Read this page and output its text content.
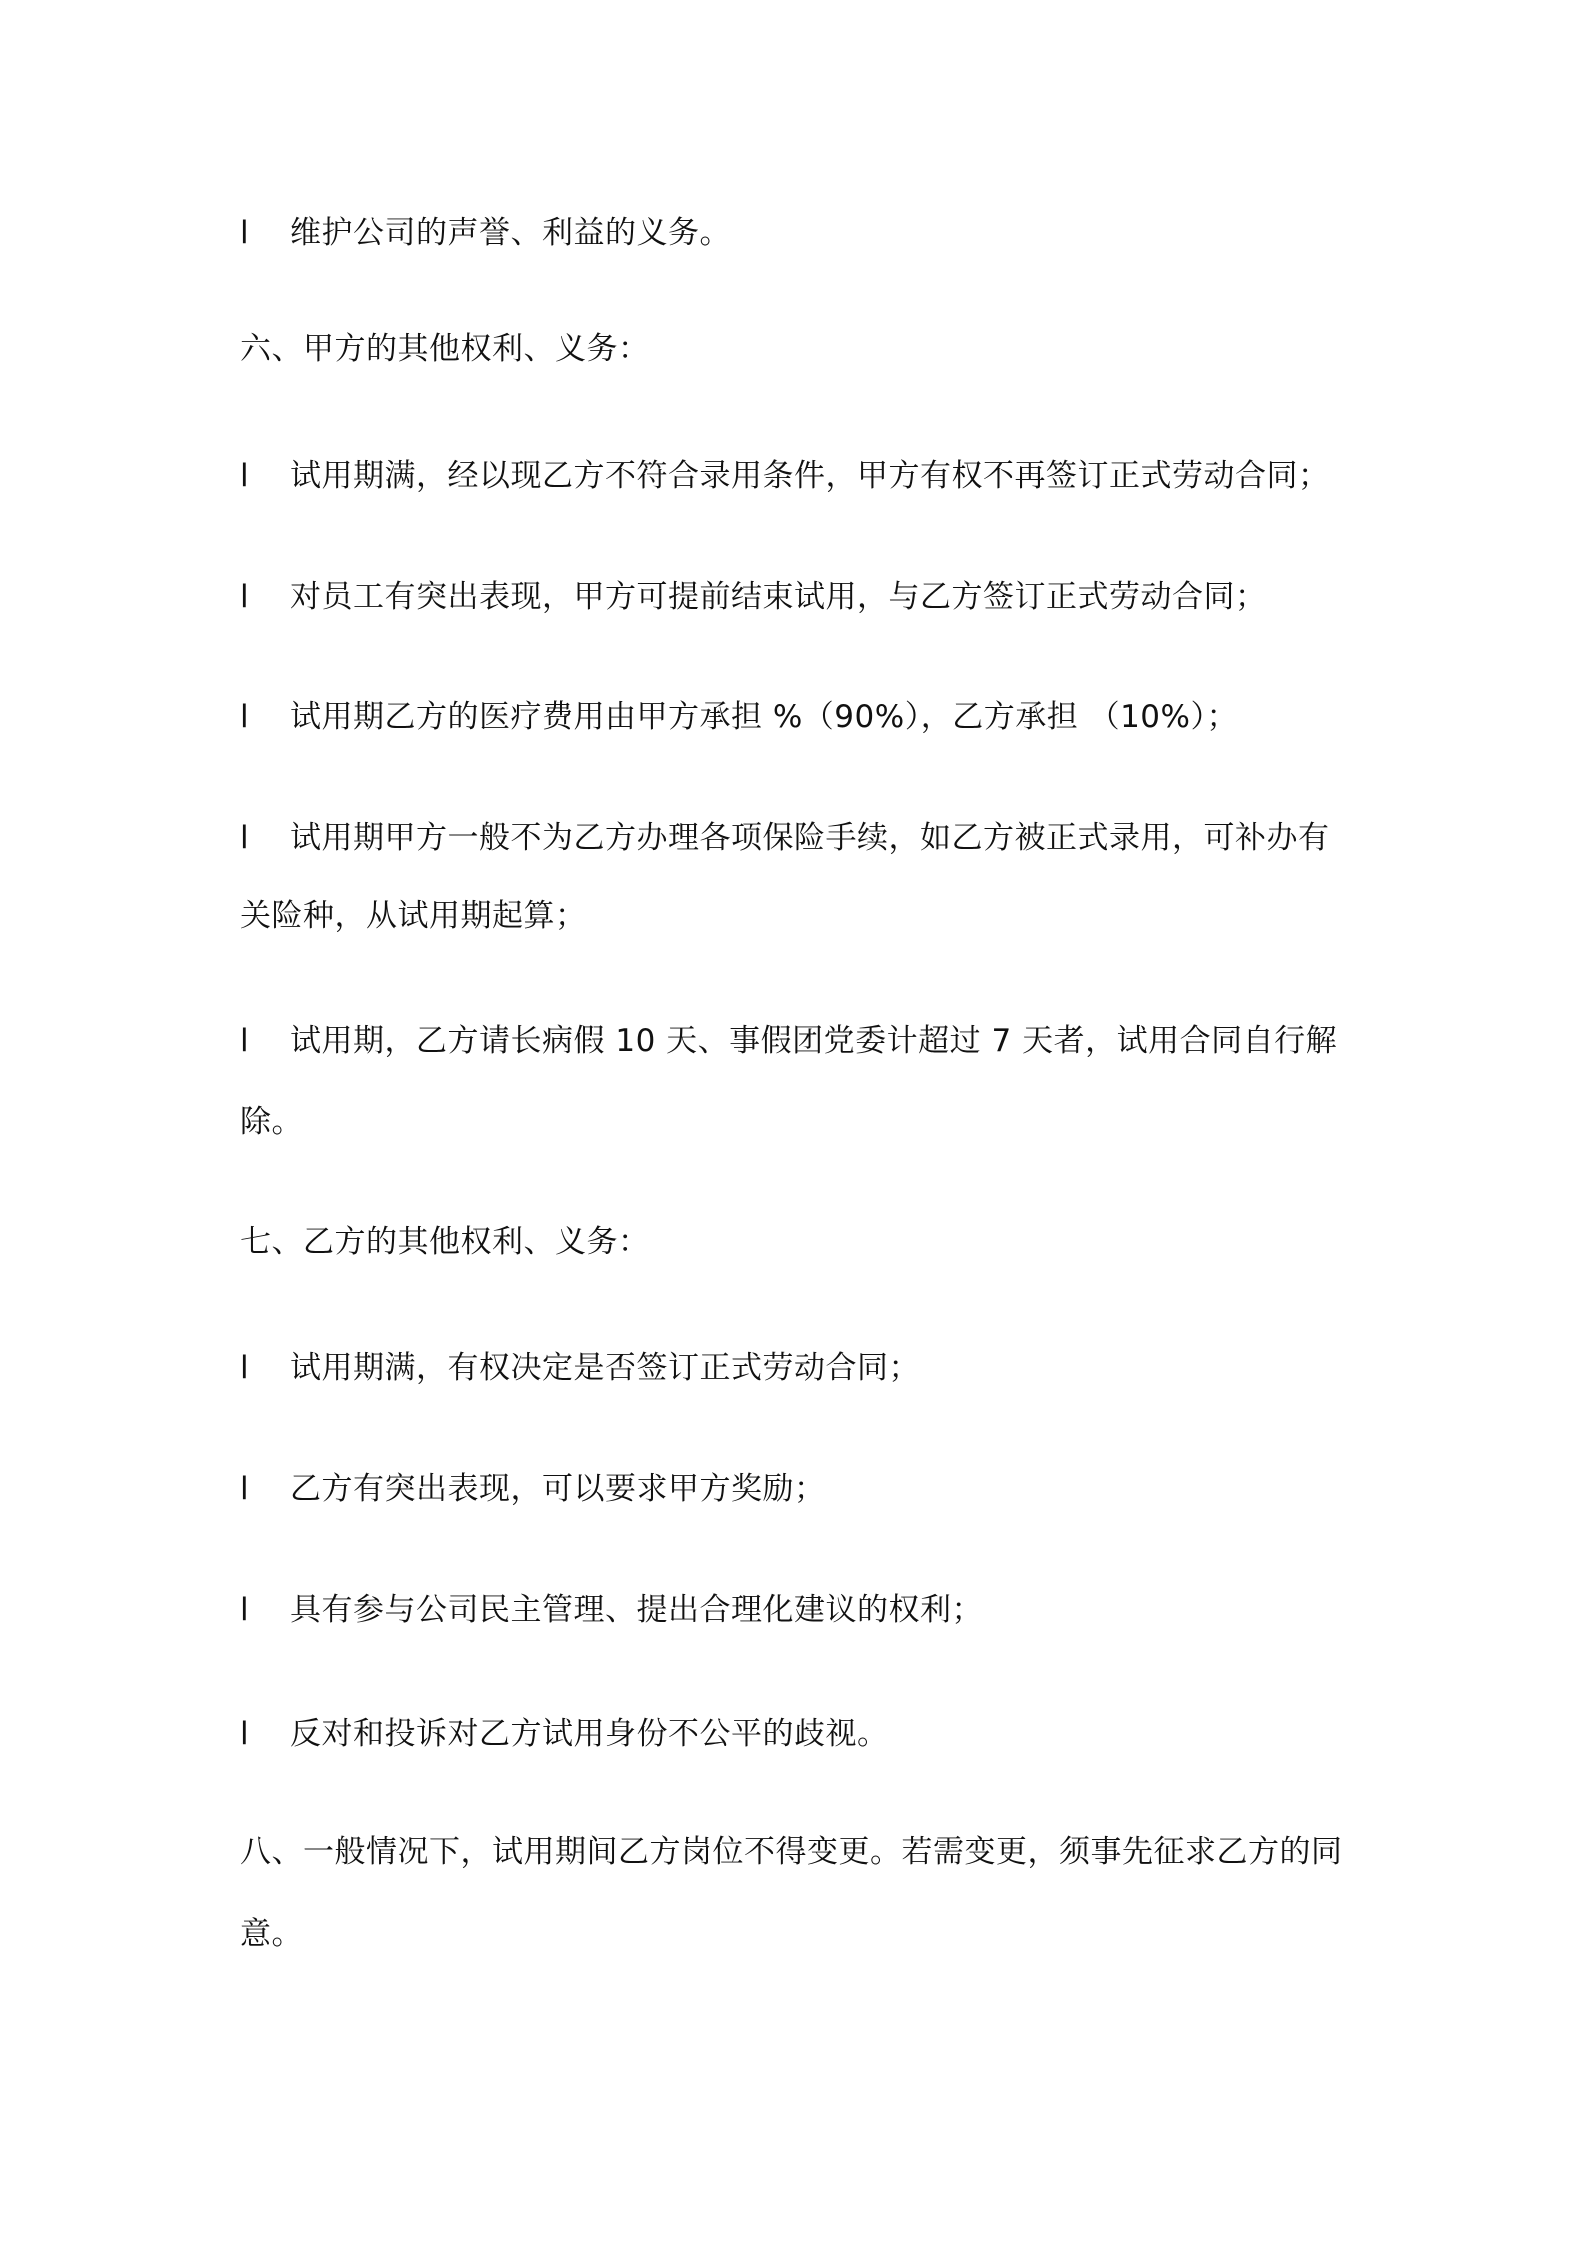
l 维护公司的声誉、利益的义务。
六、甲方的其他权利、义务：
l 试用期满，经以现乙方不符合录用条件，甲方有权不再签订正式劳动合同；
l 对员工有突出表现，甲方可提前结束试用，与乙方签订正式劳动合同；
l 试用期乙方的医疗费用由甲方承担 %（90%），乙方承担 （10%）；
l 试用期甲方一般不为乙方办理各项保险手续，如乙方被正式录用，可补办有
关险种，从试用期起算；
l 试用期，乙方请长病假 10 天、事假团党委计超过 7 天者，试用合同自行解
除。
七、乙方的其他权利、义务：
l 试用期满，有权决定是否签订正式劳动合同；
l 乙方有突出表现，可以要求甲方奖励；
l 具有参与公司民主管理、提出合理化建议的权利；
l 反对和投诉对乙方试用身份不公平的歧视。
八、一般情况下，试用期间乙方岗位不得变更。若需变更，须事先征求乙方的同
意。
